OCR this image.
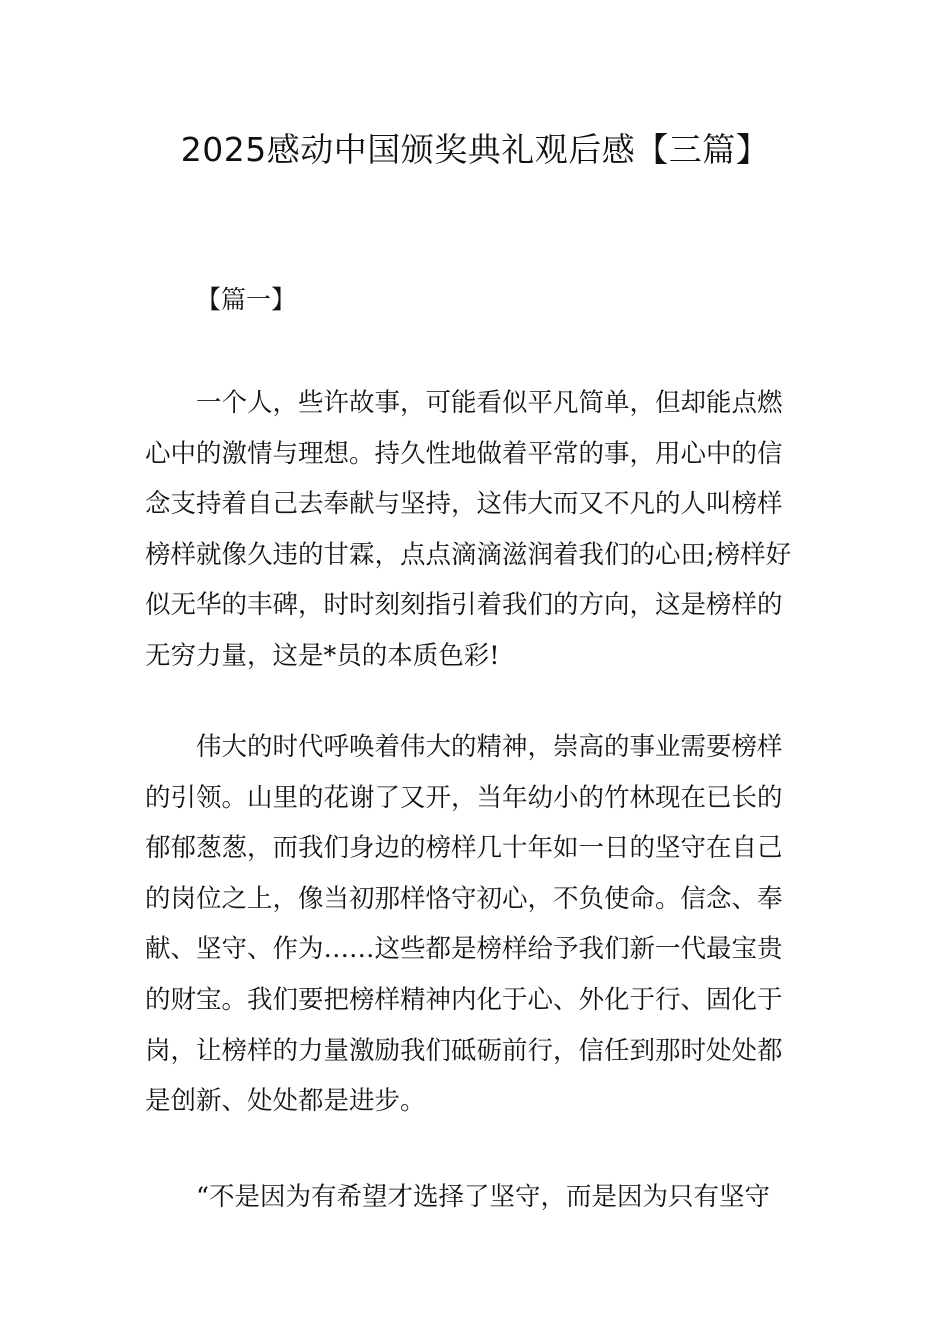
2025感动中国颁奖典礼观后感【三篇】
【篇一】
　　一个人，些许故事，可能看似平凡简单，但却能点燃
心中的激情与理想。持久性地做着平常的事，用心中的信
念支持着自己去奉献与坚持，这伟大而又不凡的人叫榜样
榜样就像久违的甘霖，点点滴滴滋润着我们的心田;榜样好
似无华的丰碑，时时刻刻指引着我们的方向，这是榜样的
无穷力量，这是*员的本质色彩!
　　伟大的时代呼唤着伟大的精神，崇高的事业需要榜样
的引领。山里的花谢了又开，当年幼小的竹林现在已长的
郁郁葱葱，而我们身边的榜样几十年如一日的坚守在自己
的岗位之上，像当初那样恪守初心，不负使命。信念、奉
献、坚守、作为……这些都是榜样给予我们新一代最宝贵
的财宝。我们要把榜样精神内化于心、外化于行、固化于
岗，让榜样的力量激励我们砥砺前行，信任到那时处处都
是创新、处处都是进步。
　　“不是因为有希望才选择了坚守，而是因为只有坚守
